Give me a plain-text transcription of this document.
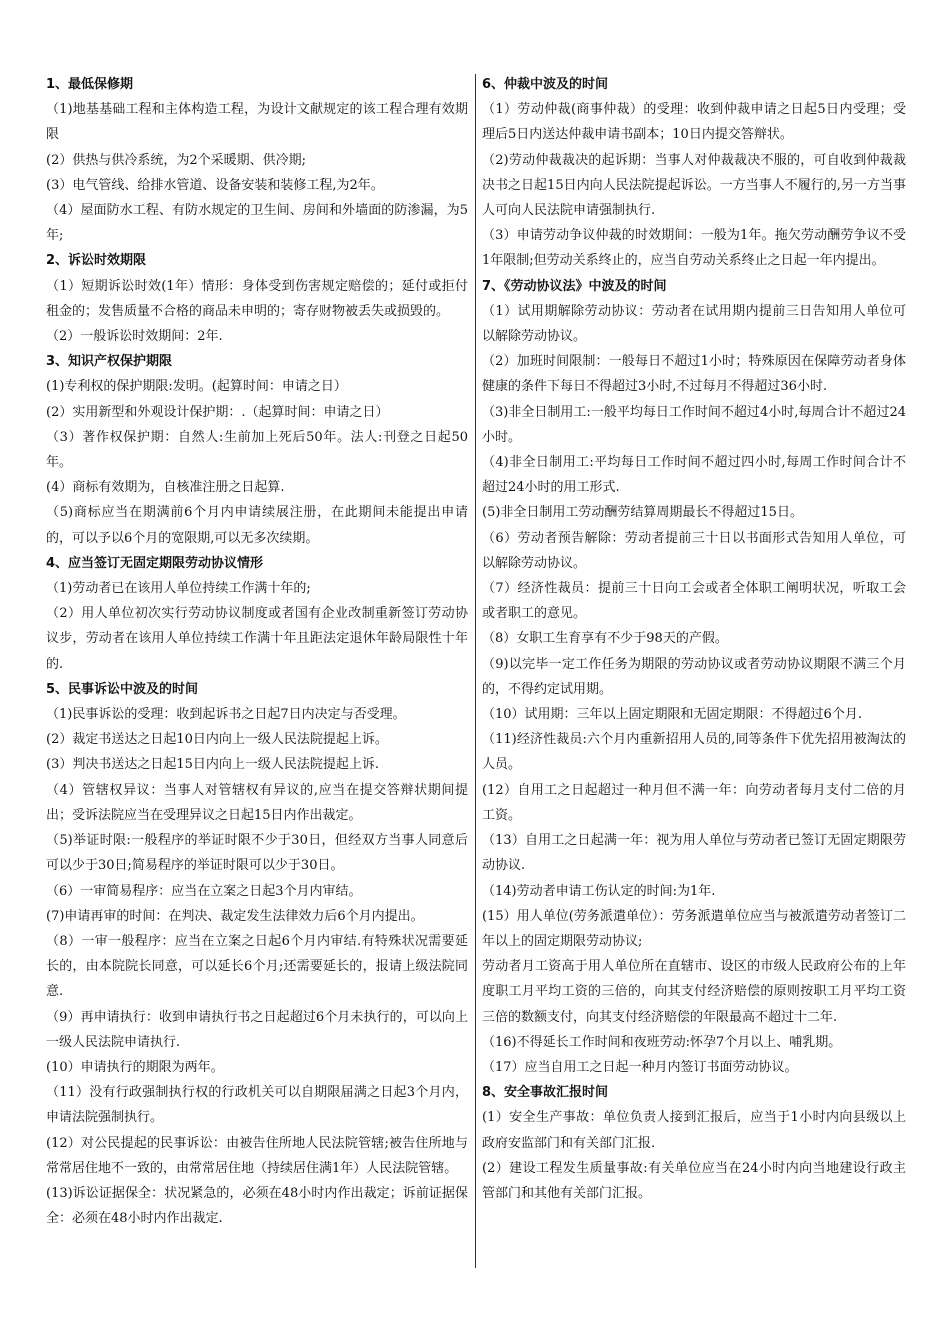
1、最低保修期

（1)地基基础工程和主体构造工程，为设计文献规定的该工程合理有效期限

(2）供热与供冷系统，为2个采暖期、供冷期;

(3）电气管线、给排水管道、设备安装和装修工程,为2年。

（4）屋面防水工程、有防水规定的卫生间、房间和外墙面的防渗漏，为5年;

2、诉讼时效期限

（1）短期诉讼时效(1年）情形：身体受到伤害规定赔偿的；延付或拒付租金的；发售质量不合格的商品未申明的；寄存财物被丢失或损毁的。

（2）一般诉讼时效期间：2年.

3、知识产权保护期限

(1)专利权的保护期限:发明。(起算时间：申请之日）

(2）实用新型和外观设计保护期：.（起算时间：申请之日）

（3）著作权保护期：自然人:生前加上死后50年。法人:刊登之日起50年。

(4）商标有效期为，自核准注册之日起算.

（5)商标应当在期满前6个月内申请续展注册，在此期间未能提出申请的，可以予以6个月的宽限期,可以无多次续期。

4、应当签订无固定期限劳动协议情形

（1)劳动者已在该用人单位持续工作满十年的;

（2）用人单位初次实行劳动协议制度或者国有企业改制重新签订劳动协议步，劳动者在该用人单位持续工作满十年且距法定退休年龄局限性十年的.

5、民事诉讼中波及的时间

（1)民事诉讼的受理：收到起诉书之日起7日内决定与否受理。

(2）裁定书送达之日起10日内向上一级人民法院提起上诉。

(3）判决书送达之日起15日内向上一级人民法院提起上诉.

（4）管辖权异议：当事人对管辖权有异议的,应当在提交答辩状期间提出；受诉法院应当在受理异议之日起15日内作出裁定。

（5)举证时限:一般程序的举证时限不少于30日，但经双方当事人同意后可以少于30日;简易程序的举证时限可以少于30日。

（6）一审简易程序：应当在立案之日起3个月内审结。

(7)申请再审的时间：在判决、裁定发生法律效力后6个月内提出。

（8）一审一般程序：应当在立案之日起6个月内审结.有特殊状况需要延长的，由本院院长同意，可以延长6个月;还需要延长的，报请上级法院同意.

（9）再申请执行：收到申请执行书之日起超过6个月未执行的，可以向上一级人民法院申请执行.

(10）申请执行的期限为两年。

（11）没有行政强制执行权的行政机关可以自期限届满之日起3个月内，申请法院强制执行。

(12）对公民提起的民事诉讼：由被告住所地人民法院管辖;被告住所地与常常居住地不一致的，由常常居住地（持续居住满1年）人民法院管辖。

(13)诉讼证据保全：状况紧急的，必须在48小时内作出裁定；诉前证据保全：必须在48小时内作出裁定.

6、仲裁中波及的时间

（1）劳动仲裁(商事仲裁）的受理：收到仲裁申请之日起5日内受理；受理后5日内送达仲裁申请书副本；10日内提交答辩状。

（2)劳动仲裁裁决的起诉期：当事人对仲裁裁决不服的，可自收到仲裁裁决书之日起15日内向人民法院提起诉讼。一方当事人不履行的,另一方当事人可向人民法院申请强制执行.

（3）申请劳动争议仲裁的时效期间：一般为1年。拖欠劳动酬劳争议不受1年限制;但劳动关系终止的，应当自劳动关系终止之日起一年内提出。

7、《劳动协议法》中波及的时间

（1）试用期解除劳动协议：劳动者在试用期内提前三日告知用人单位可以解除劳动协议。

（2）加班时间限制：一般每日不超过1小时；特殊原因在保障劳动者身体健康的条件下每日不得超过3小时,不过每月不得超过36小时.

（3)非全日制用工:一般平均每日工作时间不超过4小时,每周合计不超过24小时。

（4)非全日制用工:平均每日工作时间不超过四小时,每周工作时间合计不超过24小时的用工形式.

(5)非全日制用工劳动酬劳结算周期最长不得超过15日。

（6）劳动者预告解除：劳动者提前三十日以书面形式告知用人单位，可以解除劳动协议。

（7）经济性裁员：提前三十日向工会或者全体职工阐明状况，听取工会或者职工的意见。

（8）女职工生育享有不少于98天的产假。

（9)以完毕一定工作任务为期限的劳动协议或者劳动协议期限不满三个月的，不得约定试用期。

（10）试用期：三年以上固定期限和无固定期限：不得超过6个月.

（11)经济性裁员:六个月内重新招用人员的,同等条件下优先招用被淘汰的人员。

(12）自用工之日起超过一种月但不满一年：向劳动者每月支付二倍的月工资。

（13）自用工之日起满一年：视为用人单位与劳动者已签订无固定期限劳动协议.

（14)劳动者申请工伤认定的时间:为1年.

(15）用人单位(劳务派遣单位）：劳务派遣单位应当与被派遣劳动者签订二年以上的固定期限劳动协议;

劳动者月工资高于用人单位所在直辖市、设区的市级人民政府公布的上年度职工月平均工资的三倍的，向其支付经济赔偿的原则按职工月平均工资三倍的数额支付，向其支付经济赔偿的年限最高不超过十二年.

（16)不得延长工作时间和夜班劳动:怀孕7个月以上、哺乳期。

（17）应当自用工之日起一种月内签订书面劳动协议。

8、安全事故汇报时间

(1）安全生产事故：单位负责人接到汇报后，应当于1小时内向县级以上政府安监部门和有关部门汇报.

(2）建设工程发生质量事故:有关单位应当在24小时内向当地建设行政主管部门和其他有关部门汇报。
